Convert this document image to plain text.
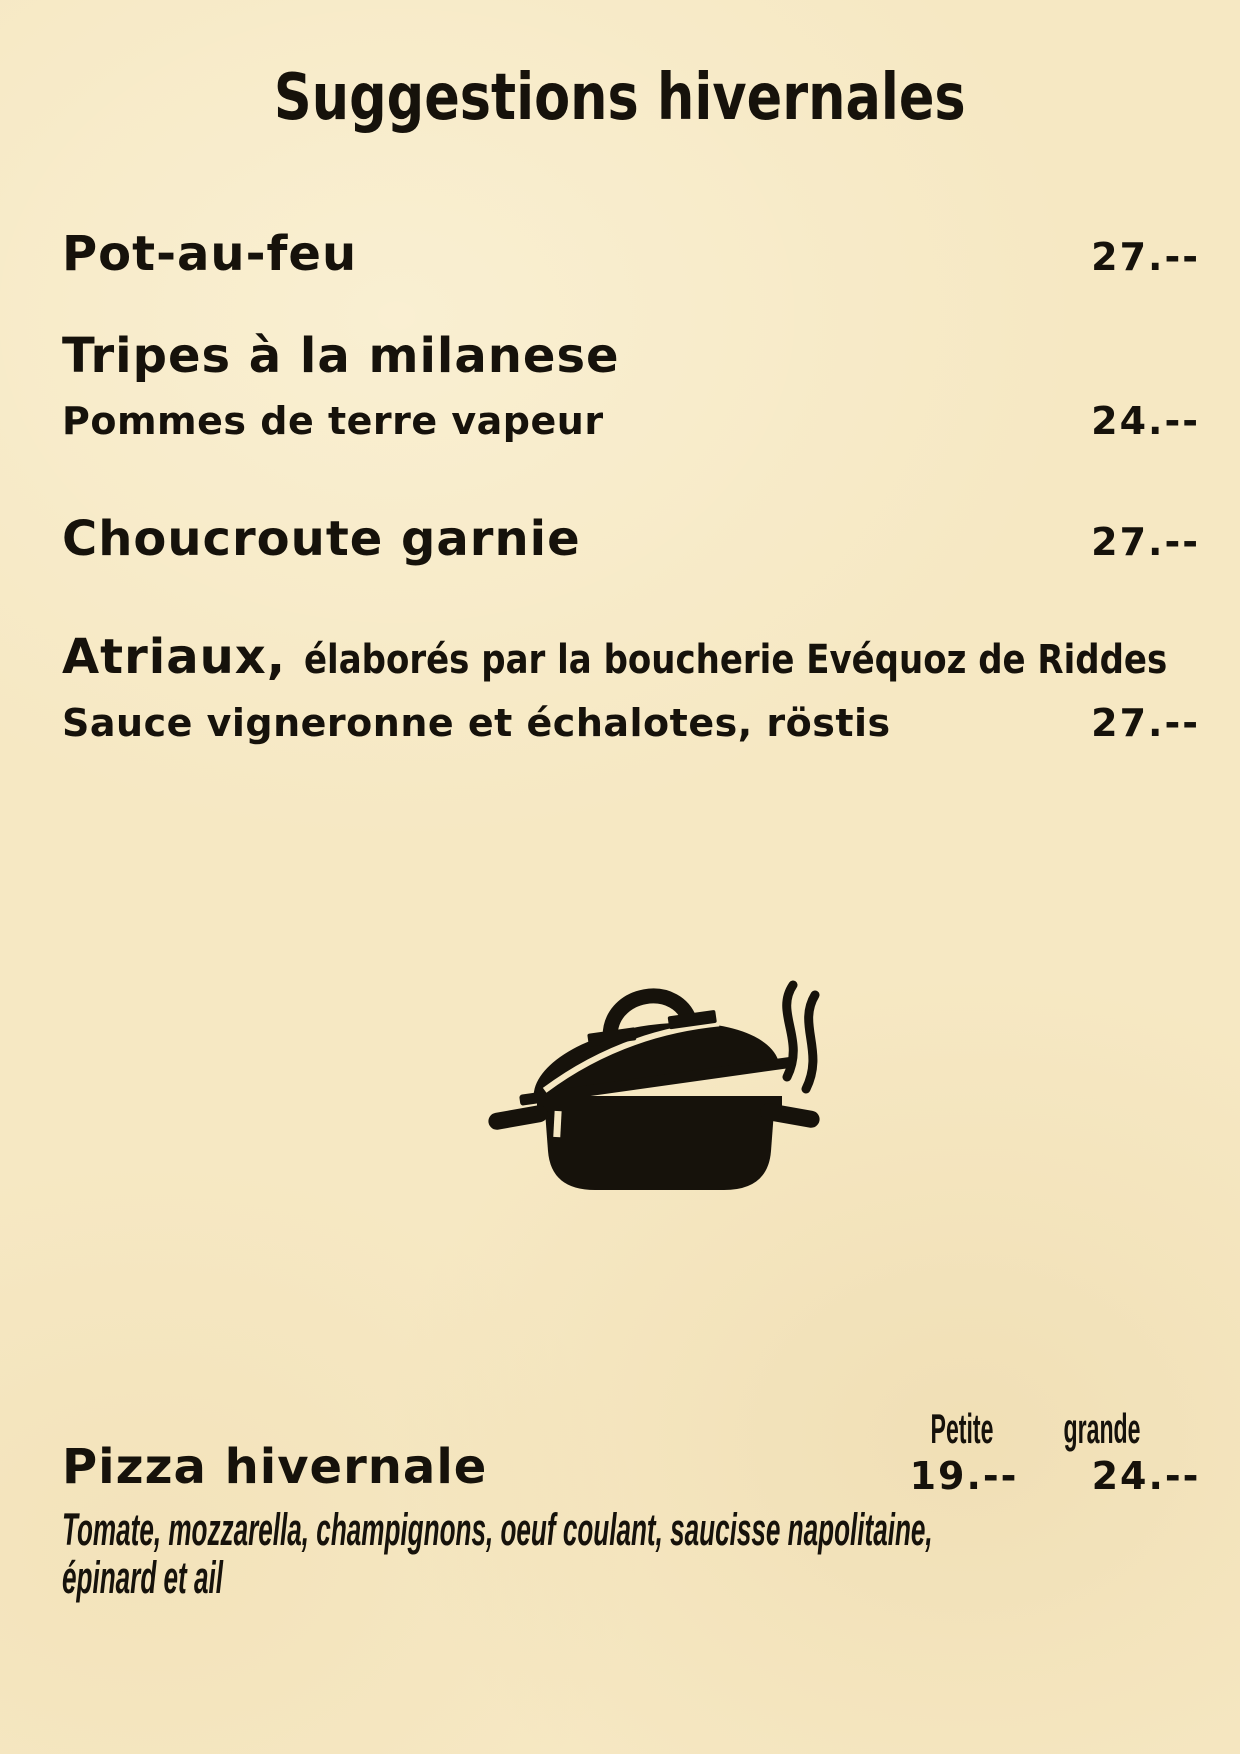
Suggestions hivernales
Pot-au-feu	27.--
Tripes à la milanese
Pommes de terre vapeur	24.--
Choucroute garnie	27.--
Atriaux, élaborés par la boucherie Evéquoz de Riddes
Sauce vigneronne et échalotes, röstis	27.--
Petite	grande
Pizza hivernale	19.-- 24.--
Tomate, mozzarella, champignons, oeuf coulant, saucisse napolitaine,
épinard et ail
